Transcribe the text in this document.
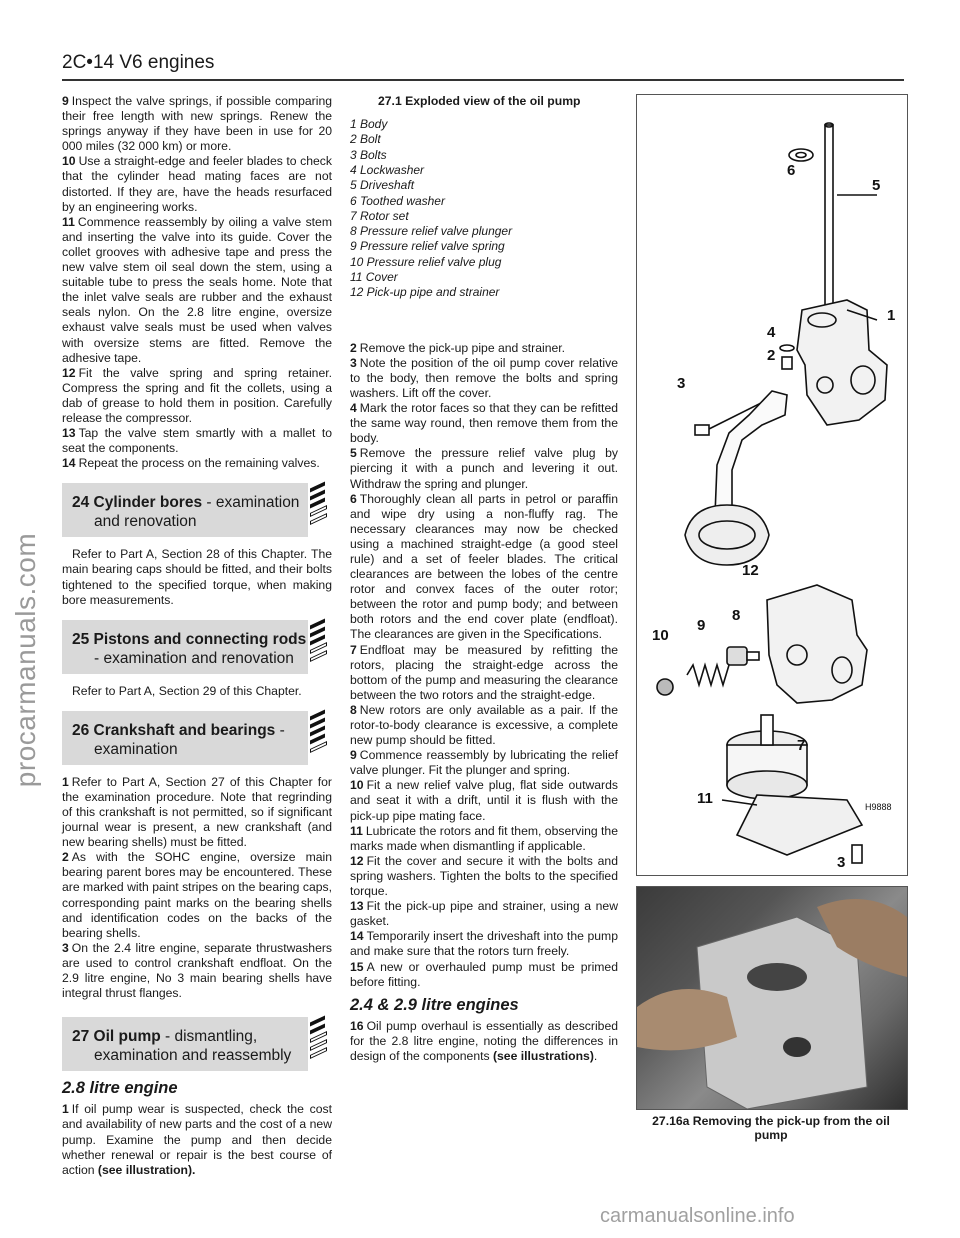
procarmanuals.com
carmanualsonline.info
2C•14 V6 engines

9 Inspect the valve springs, if possible comparing their free length with new springs. Renew the springs anyway if they have been in use for 20 000 miles (32 000 km) or more.

10 Use a straight-edge and feeler blades to check that the cylinder head mating faces are not distorted. If they are, have the heads resurfaced by an engineering works.

11 Commence reassembly by oiling a valve stem and inserting the valve into its guide. Cover the collet grooves with adhesive tape and press the new valve stem oil seal down the stem, using a suitable tube to press the seals home. Note that the inlet valve seals are rubber and the exhaust seals nylon. On the 2.8 litre engine, oversize exhaust valve seals must be used when valves with oversize stems are fitted. Remove the adhesive tape.

12 Fit the valve spring and spring retainer. Compress the spring and fit the collets, using a dab of grease to hold them in position. Carefully release the compressor.

13 Tap the valve stem smartly with a mallet to seat the components.

14 Repeat the process on the remaining valves.

24 Cylinder bores - examination
and renovation

Refer to Part A, Section 28 of this Chapter. The main bearing caps should be fitted, and their bolts tightened to the specified torque, when making bore measurements.

25 Pistons and connecting rods
- examination and renovation

Refer to Part A, Section 29 of this Chapter.

26 Crankshaft and bearings -
examination

1 Refer to Part A, Section 27 of this Chapter for the examination procedure. Note that regrinding of this crankshaft is not permitted, so if significant journal wear is present, a new crankshaft (and new bearing shells) must be fitted.

2 As with the SOHC engine, oversize main bearing parent bores may be encountered. These are marked with paint stripes on the bearing caps, corresponding paint marks on the bearing shells and identification codes on the backs of the bearing shells.

3 On the 2.4 litre engine, separate thrustwashers are used to control crankshaft endfloat. On the 2.9 litre engine, No 3 main bearing shells have integral thrust flanges.

27 Oil pump - dismantling,
examination and reassembly
2.8 litre engine

1 If oil pump wear is suspected, check the cost and availability of new parts and the cost of a new pump. Examine the pump and then decide whether renewal or repair is the best course of action (see illustration).

27.1 Exploded view of the oil pump
1 Body
2 Bolt
3 Bolts
4 Lockwasher
5 Driveshaft
6 Toothed washer
7 Rotor set
8 Pressure relief valve plunger
9 Pressure relief valve spring
10 Pressure relief valve plug
11 Cover
12 Pick-up pipe and strainer

2 Remove the pick-up pipe and strainer.

3 Note the position of the oil pump cover relative to the body, then remove the bolts and spring washers. Lift off the cover.

4 Mark the rotor faces so that they can be refitted the same way round, then remove them from the body.

5 Remove the pressure relief valve plug by piercing it with a punch and levering it out. Withdraw the spring and plunger.

6 Thoroughly clean all parts in petrol or paraffin and wipe dry using a non-fluffy rag. The necessary clearances may now be checked using a machined straight-edge (a good steel rule) and a set of feeler blades. The critical clearances are between the lobes of the centre rotor and convex faces of the outer rotor; between the rotor and pump body; and between both rotors and the end cover plate (endfloat). The clearances are given in the Specifications.

7 Endfloat may be measured by refitting the rotors, placing the straight-edge across the bottom of the pump and measuring the clearance between the two rotors and the straight-edge.

8 New rotors are only available as a pair. If the rotor-to-body clearance is excessive, a complete new pump should be fitted.

9 Commence reassembly by lubricating the relief valve plunger. Fit the plunger and spring.

10 Fit a new relief valve plug, flat side outwards and seat it with a drift, until it is flush with the pick-up pipe mating face.

11 Lubricate the rotors and fit them, observing the marks made when dismantling if applicable.

12 Fit the cover and secure it with the bolts and spring washers. Tighten the bolts to the specified torque.

13 Fit the pick-up pipe and strainer, using a new gasket.

14 Temporarily insert the driveshaft into the pump and make sure that the rotors turn freely.

15 A new or overhauled pump must be primed before fitting.

2.4 & 2.9 litre engines

16 Oil pump overhaul is essentially as described for the 2.8 litre engine, noting the differences in design of the components (see illustrations).

6
5
1
4
2
3
12
10
9
8
7
11
3
H9888
27.16a Removing the pick-up from the oil pump
